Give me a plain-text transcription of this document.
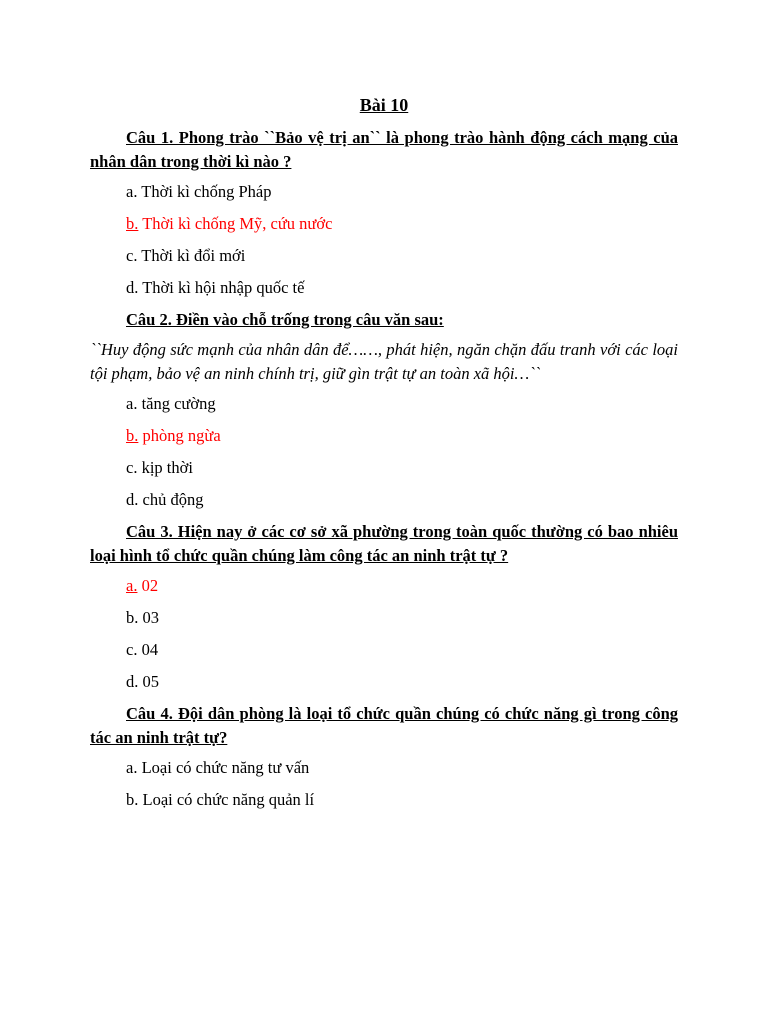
Bài 10
Câu 1. Phong trào ``Bảo vệ trị an`` là phong trào hành động cách mạng của nhân dân trong thời kì nào ?
a. Thời kì chống Pháp
b. Thời kì chống Mỹ, cứu nước
c. Thời kì đổi mới
d. Thời kì hội nhập quốc tế
Câu 2. Điền vào chỗ trống trong câu văn sau:
``Huy động sức mạnh của nhân dân để……, phát hiện, ngăn chặn đấu tranh với các loại tội phạm, bảo vệ an ninh chính trị, giữ gìn trật tự an toàn xã hội…``
a. tăng cường
b. phòng ngừa
c. kịp thời
d. chủ động
Câu 3. Hiện nay ở các cơ sở xã phường trong toàn quốc thường có bao nhiêu loại hình tổ chức quần chúng làm công tác an ninh trật tự ?
a. 02
b. 03
c. 04
d. 05
Câu 4. Đội dân phòng là loại tổ chức quần chúng có chức năng gì trong công tác an ninh trật tự?
a. Loại có chức năng tư vấn
b. Loại có chức năng quản lí
